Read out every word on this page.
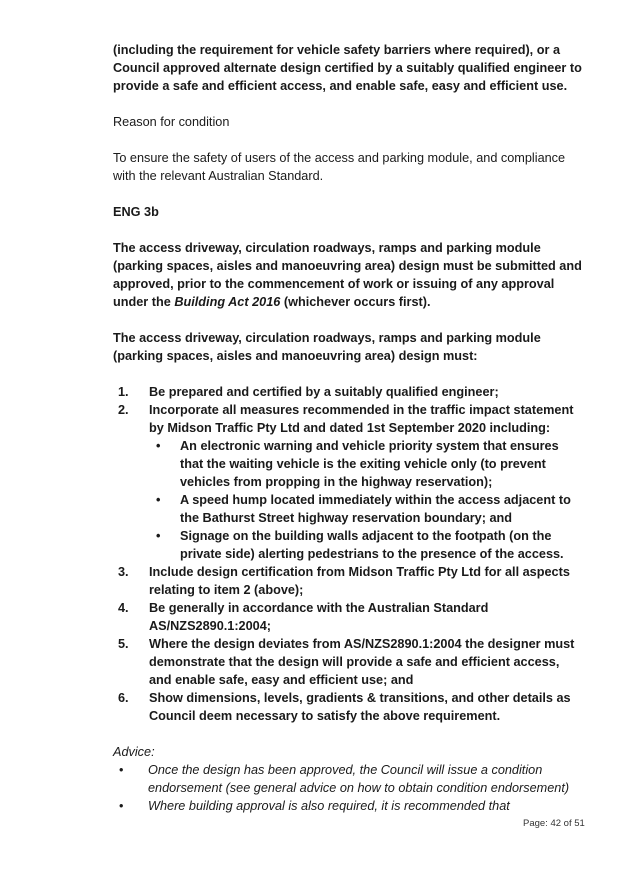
(including the requirement for vehicle safety barriers where required), or a Council approved alternate design certified by a suitably qualified engineer to provide a safe and efficient access, and enable safe, easy and efficient use.

Reason for condition

To ensure the safety of users of the access and parking module, and compliance with the relevant Australian Standard.

ENG 3b

The access driveway, circulation roadways, ramps and parking module (parking spaces, aisles and manoeuvring area) design must be submitted and approved, prior to the commencement of work or issuing of any approval under the Building Act 2016 (whichever occurs first).

The access driveway, circulation roadways, ramps and parking module (parking spaces, aisles and manoeuvring area) design must:

1. Be prepared and certified by a suitably qualified engineer;
2. Incorporate all measures recommended in the traffic impact statement by Midson Traffic Pty Ltd and dated 1st September 2020 including:
• An electronic warning and vehicle priority system that ensures that the waiting vehicle is the exiting vehicle only (to prevent vehicles from propping in the highway reservation);
• A speed hump located immediately within the access adjacent to the Bathurst Street highway reservation boundary; and
• Signage on the building walls adjacent to the footpath (on the private side) alerting pedestrians to the presence of the access.
3. Include design certification from Midson Traffic Pty Ltd for all aspects relating to item 2 (above);
4. Be generally in accordance with the Australian Standard AS/NZS2890.1:2004;
5. Where the design deviates from AS/NZS2890.1:2004 the designer must demonstrate that the design will provide a safe and efficient access, and enable safe, easy and efficient use; and
6. Show dimensions, levels, gradients & transitions, and other details as Council deem necessary to satisfy the above requirement.

Advice:

• Once the design has been approved, the Council will issue a condition endorsement (see general advice on how to obtain condition endorsement)
• Where building approval is also required, it is recommended that
Page: 42 of 51
